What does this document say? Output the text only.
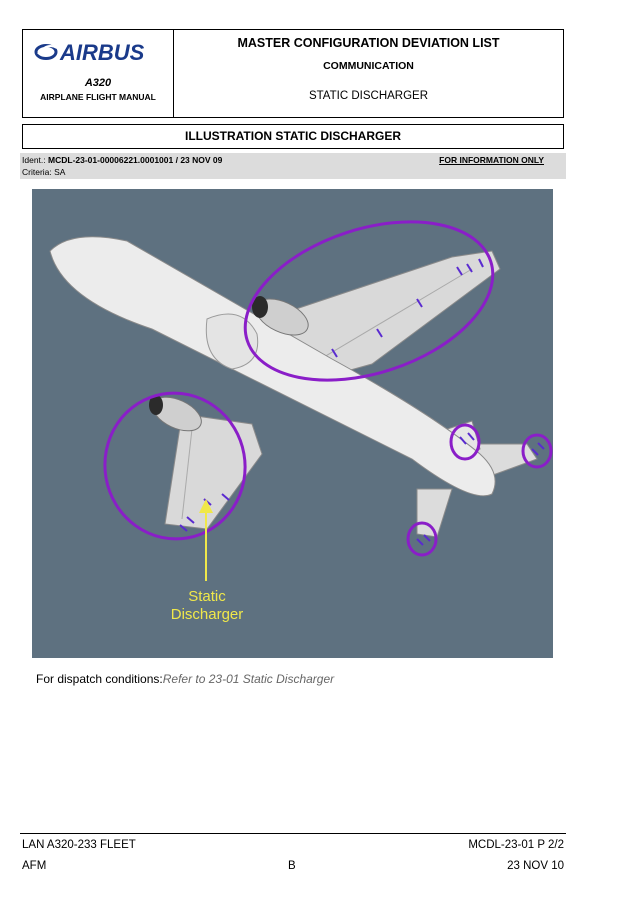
AIRBUS
A320
AIRPLANE FLIGHT MANUAL
MASTER CONFIGURATION DEVIATION LIST
COMMUNICATION
STATIC DISCHARGER
ILLUSTRATION STATIC DISCHARGER
Ident.: MCDL-23-01-00006221.0001001 / 23 NOV 09	FOR INFORMATION ONLY
Criteria: SA
Static
Discharger
For dispatch conditions:Refer to 23-01 Static Discharger
LAN A320-233 FLEET	MCDL-23-01 P 2/2
AFM	B	23 NOV 10
